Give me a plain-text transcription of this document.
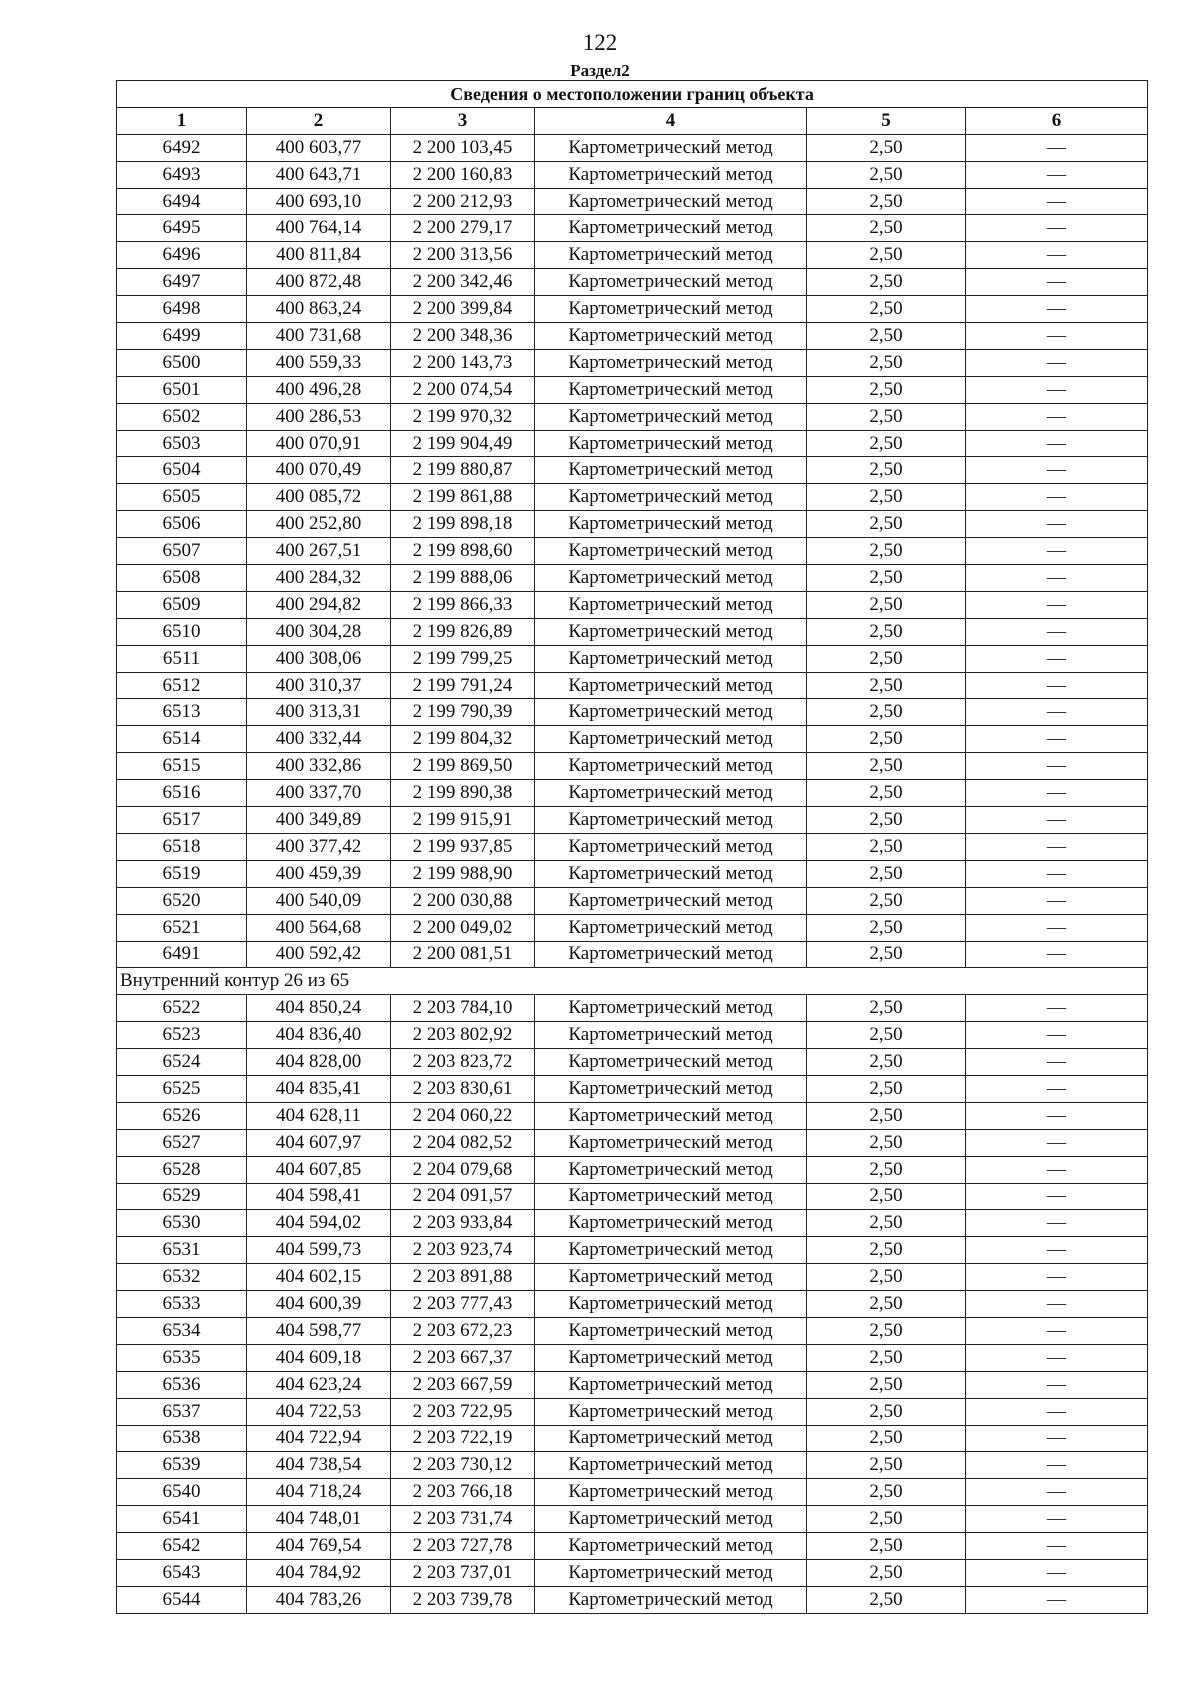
122
Раздел2
Сведения о местоположении границ объекта					
1	2	3	4	5	6
6492	400 603,77	2 200 103,45	Картометрический метод	2,50	—
6493	400 643,71	2 200 160,83	Картометрический метод	2,50	—
6494	400 693,10	2 200 212,93	Картометрический метод	2,50	—
6495	400 764,14	2 200 279,17	Картометрический метод	2,50	—
6496	400 811,84	2 200 313,56	Картометрический метод	2,50	—
6497	400 872,48	2 200 342,46	Картометрический метод	2,50	—
6498	400 863,24	2 200 399,84	Картометрический метод	2,50	—
6499	400 731,68	2 200 348,36	Картометрический метод	2,50	—
6500	400 559,33	2 200 143,73	Картометрический метод	2,50	—
6501	400 496,28	2 200 074,54	Картометрический метод	2,50	—
6502	400 286,53	2 199 970,32	Картометрический метод	2,50	—
6503	400 070,91	2 199 904,49	Картометрический метод	2,50	—
6504	400 070,49	2 199 880,87	Картометрический метод	2,50	—
6505	400 085,72	2 199 861,88	Картометрический метод	2,50	—
6506	400 252,80	2 199 898,18	Картометрический метод	2,50	—
6507	400 267,51	2 199 898,60	Картометрический метод	2,50	—
6508	400 284,32	2 199 888,06	Картометрический метод	2,50	—
6509	400 294,82	2 199 866,33	Картометрический метод	2,50	—
6510	400 304,28	2 199 826,89	Картометрический метод	2,50	—
6511	400 308,06	2 199 799,25	Картометрический метод	2,50	—
6512	400 310,37	2 199 791,24	Картометрический метод	2,50	—
6513	400 313,31	2 199 790,39	Картометрический метод	2,50	—
6514	400 332,44	2 199 804,32	Картометрический метод	2,50	—
6515	400 332,86	2 199 869,50	Картометрический метод	2,50	—
6516	400 337,70	2 199 890,38	Картометрический метод	2,50	—
6517	400 349,89	2 199 915,91	Картометрический метод	2,50	—
6518	400 377,42	2 199 937,85	Картометрический метод	2,50	—
6519	400 459,39	2 199 988,90	Картометрический метод	2,50	—
6520	400 540,09	2 200 030,88	Картометрический метод	2,50	—
6521	400 564,68	2 200 049,02	Картометрический метод	2,50	—
6491	400 592,42	2 200 081,51	Картометрический метод	2,50	—
Внутренний контур 26 из 65					
6522	404 850,24	2 203 784,10	Картометрический метод	2,50	—
6523	404 836,40	2 203 802,92	Картометрический метод	2,50	—
6524	404 828,00	2 203 823,72	Картометрический метод	2,50	—
6525	404 835,41	2 203 830,61	Картометрический метод	2,50	—
6526	404 628,11	2 204 060,22	Картометрический метод	2,50	—
6527	404 607,97	2 204 082,52	Картометрический метод	2,50	—
6528	404 607,85	2 204 079,68	Картометрический метод	2,50	—
6529	404 598,41	2 204 091,57	Картометрический метод	2,50	—
6530	404 594,02	2 203 933,84	Картометрический метод	2,50	—
6531	404 599,73	2 203 923,74	Картометрический метод	2,50	—
6532	404 602,15	2 203 891,88	Картометрический метод	2,50	—
6533	404 600,39	2 203 777,43	Картометрический метод	2,50	—
6534	404 598,77	2 203 672,23	Картометрический метод	2,50	—
6535	404 609,18	2 203 667,37	Картометрический метод	2,50	—
6536	404 623,24	2 203 667,59	Картометрический метод	2,50	—
6537	404 722,53	2 203 722,95	Картометрический метод	2,50	—
6538	404 722,94	2 203 722,19	Картометрический метод	2,50	—
6539	404 738,54	2 203 730,12	Картометрический метод	2,50	—
6540	404 718,24	2 203 766,18	Картометрический метод	2,50	—
6541	404 748,01	2 203 731,74	Картометрический метод	2,50	—
6542	404 769,54	2 203 727,78	Картометрический метод	2,50	—
6543	404 784,92	2 203 737,01	Картометрический метод	2,50	—
6544	404 783,26	2 203 739,78	Картометрический метод	2,50	—
